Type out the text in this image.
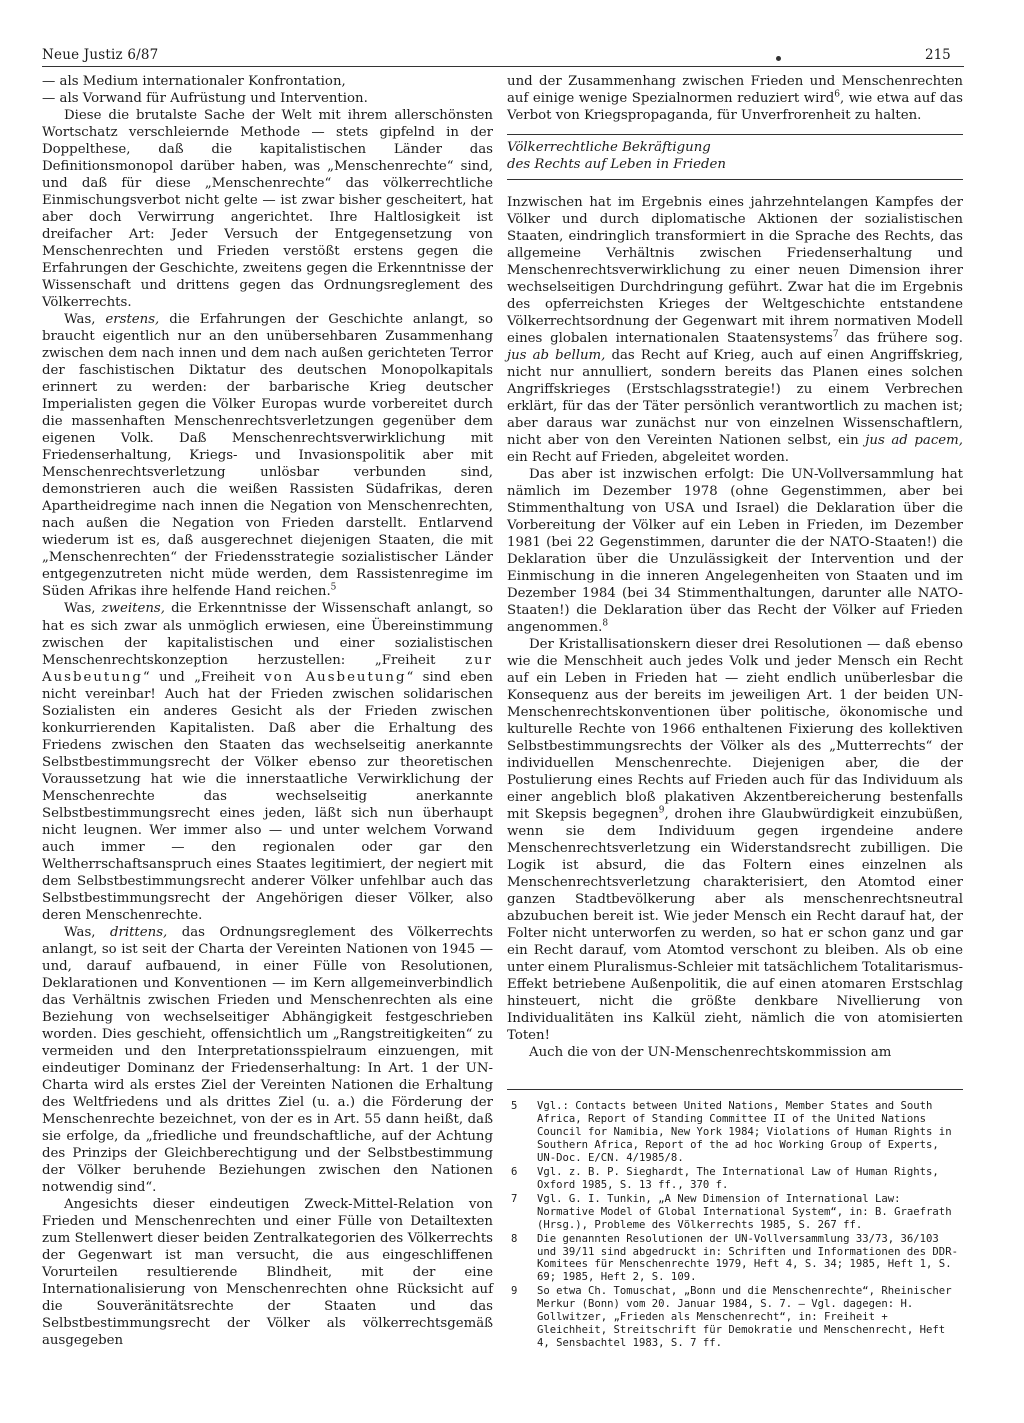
Neue Justiz 6/87	215

— als Medium internationaler Konfrontation,

— als Vorwand für Aufrüstung und Intervention.

Diese die brutalste Sache der Welt mit ihrem allerschönsten Wortschatz verschleiernde Methode — stets gipfelnd in der Doppelthese, daß die kapitalistischen Länder das Definitionsmonopol darüber haben, was „Menschenrechte“ sind, und daß für diese „Menschenrechte“ das völkerrechtliche Einmischungsverbot nicht gelte — ist zwar bisher gescheitert, hat aber doch Verwirrung angerichtet. Ihre Haltlosigkeit ist dreifacher Art: Jeder Versuch der Entgegensetzung von Menschenrechten und Frieden verstößt erstens gegen die Erfahrungen der Geschichte, zweitens gegen die Erkenntnisse der Wissenschaft und drittens gegen das Ordnungsreglement des Völkerrechts.

Was, erstens, die Erfahrungen der Geschichte anlangt, so braucht eigentlich nur an den unübersehbaren Zusammenhang zwischen dem nach innen und dem nach außen gerichteten Terror der faschistischen Diktatur des deutschen Monopolkapitals erinnert zu werden: der barbarische Krieg deutscher Imperialisten gegen die Völker Europas wurde vorbereitet durch die massenhaften Menschenrechtsverletzungen gegenüber dem eigenen Volk. Daß Menschenrechtsverwirklichung mit Friedenserhaltung, Kriegs- und Invasionspolitik aber mit Menschenrechtsverletzung unlösbar verbunden sind, demonstrieren auch die weißen Rassisten Südafrikas, deren Apartheidregime nach innen die Negation von Menschenrechten, nach außen die Negation von Frieden darstellt. Entlarvend wiederum ist es, daß ausgerechnet diejenigen Staaten, die mit „Menschenrechten“ der Friedensstrategie sozialistischer Länder entgegenzutreten nicht müde werden, dem Rassistenregime im Süden Afrikas ihre helfende Hand reichen.$^5$

Was, zweitens, die Erkenntnisse der Wissenschaft anlangt, so hat es sich zwar als unmöglich erwiesen, eine Übereinstimmung zwischen der kapitalistischen und einer sozialistischen Menschenrechtskonzeption herzustellen: „Freiheit zur Ausbeutung“ und „Freiheit von Ausbeutung“ sind eben nicht vereinbar! Auch hat der Frieden zwischen solidarischen Sozialisten ein anderes Gesicht als der Frieden zwischen konkurrierenden Kapitalisten. Daß aber die Erhaltung des Friedens zwischen den Staaten das wechselseitig anerkannte Selbstbestimmungsrecht der Völker ebenso zur theoretischen Voraussetzung hat wie die innerstaatliche Verwirklichung der Menschenrechte das wechselseitig anerkannte Selbstbestimmungsrecht eines jeden, läßt sich nun überhaupt nicht leugnen. Wer immer also — und unter welchem Vorwand auch immer — den regionalen oder gar den Weltherrschaftsanspruch eines Staates legitimiert, der negiert mit dem Selbstbestimmungsrecht anderer Völker unfehlbar auch das Selbstbestimmungsrecht der Angehörigen dieser Völker, also deren Menschenrechte.

Was, drittens, das Ordnungsreglement des Völkerrechts anlangt, so ist seit der Charta der Vereinten Nationen von 1945 — und, darauf aufbauend, in einer Fülle von Resolutionen, Deklarationen und Konventionen — im Kern allgemeinverbindlich das Verhältnis zwischen Frieden und Menschenrechten als eine Beziehung von wechselseitiger Abhängigkeit festgeschrieben worden. Dies geschieht, offensichtlich um „Rangstreitigkeiten“ zu vermeiden und den Interpretationsspielraum einzuengen, mit eindeutiger Dominanz der Friedenserhaltung: In Art. 1 der UN-Charta wird als erstes Ziel der Vereinten Nationen die Erhaltung des Weltfriedens und als drittes Ziel (u. a.) die Förderung der Menschenrechte bezeichnet, von der es in Art. 55 dann heißt, daß sie erfolge, da „friedliche und freundschaftliche, auf der Achtung des Prinzips der Gleichberechtigung und der Selbstbestimmung der Völker beruhende Beziehungen zwischen den Nationen notwendig sind“.

Angesichts dieser eindeutigen Zweck-Mittel-Relation von Frieden und Menschenrechten und einer Fülle von Detailtexten zum Stellenwert dieser beiden Zentralkategorien des Völkerrechts der Gegenwart ist man versucht, die aus eingeschliffenen Vorurteilen resultierende Blindheit, mit der eine Internationalisierung von Menschenrechten ohne Rücksicht auf die Souveränitätsrechte der Staaten und das Selbstbestimmungsrecht der Völker als völkerrechtsgemäß ausgegeben

und der Zusammenhang zwischen Frieden und Menschenrechten auf einige wenige Spezialnormen reduziert wird$^6$, wie etwa auf das Verbot von Kriegspropaganda, für Unverfrorenheit zu halten.

Völkerrechtliche Bekräftigung
des Rechts auf Leben in Frieden

Inzwischen hat im Ergebnis eines jahrzehntelangen Kampfes der Völker und durch diplomatische Aktionen der sozialistischen Staaten, eindringlich transformiert in die Sprache des Rechts, das allgemeine Verhältnis zwischen Friedenserhaltung und Menschenrechtsverwirklichung zu einer neuen Dimension ihrer wechselseitigen Durchdringung geführt. Zwar hat die im Ergebnis des opferreichsten Krieges der Weltgeschichte entstandene Völkerrechtsordnung der Gegenwart mit ihrem normativen Modell eines globalen internationalen Staatensystems$^7$ das frühere sog. jus ab bellum, das Recht auf Krieg, auch auf einen Angriffskrieg, nicht nur annulliert, sondern bereits das Planen eines solchen Angriffskrieges (Erstschlagsstrategie!) zu einem Verbrechen erklärt, für das der Täter persönlich verantwortlich zu machen ist; aber daraus war zunächst nur von einzelnen Wissenschaftlern, nicht aber von den Vereinten Nationen selbst, ein jus ad pacem, ein Recht auf Frieden, abgeleitet worden.

Das aber ist inzwischen erfolgt: Die UN-Vollversammlung hat nämlich im Dezember 1978 (ohne Gegenstimmen, aber bei Stimmenthaltung von USA und Israel) die Deklaration über die Vorbereitung der Völker auf ein Leben in Frieden, im Dezember 1981 (bei 22 Gegenstimmen, darunter die der NATO-Staaten!) die Deklaration über die Unzulässigkeit der Intervention und der Einmischung in die inneren Angelegenheiten von Staaten und im Dezember 1984 (bei 34 Stimmenthaltungen, darunter alle NATO-Staaten!) die Deklaration über das Recht der Völker auf Frieden angenommen.$^8$

Der Kristallisationskern dieser drei Resolutionen — daß ebenso wie die Menschheit auch jedes Volk und jeder Mensch ein Recht auf ein Leben in Frieden hat — zieht endlich unüberlesbar die Konsequenz aus der bereits im jeweiligen Art. 1 der beiden UN-Menschenrechtskonventionen über politische, ökonomische und kulturelle Rechte von 1966 enthaltenen Fixierung des kollektiven Selbstbestimmungsrechts der Völker als des „Mutterrechts“ der individuellen Menschenrechte. Diejenigen aber, die der Postulierung eines Rechts auf Frieden auch für das Individuum als einer angeblich bloß plakativen Akzentbereicherung bestenfalls mit Skepsis begegnen$^9$, drohen ihre Glaubwürdigkeit einzubüßen, wenn sie dem Individuum gegen irgendeine andere Menschenrechtsverletzung ein Widerstandsrecht zubilligen. Die Logik ist absurd, die das Foltern eines einzelnen als Menschenrechtsverletzung charakterisiert, den Atomtod einer ganzen Stadtbevölkerung aber als menschenrechtsneutral abzubuchen bereit ist. Wie jeder Mensch ein Recht darauf hat, der Folter nicht unterworfen zu werden, so hat er schon ganz und gar ein Recht darauf, vom Atomtod verschont zu bleiben. Als ob eine unter einem Pluralismus-Schleier mit tatsächlichem Totalitarismus-Effekt betriebene Außenpolitik, die auf einen atomaren Erstschlag hinsteuert, nicht die größte denkbare Nivellierung von Individualitäten ins Kalkül zieht, nämlich die von atomisierten Toten!

Auch die von der UN-Menschenrechtskommission am

5	Vgl.: Contacts between United Nations, Member States and South Africa, Report of Standing Committee II of the United Nations Council for Namibia, New York 1984; Violations of Human Rights in Southern Africa, Report of the ad hoc Working Group of Experts, UN-Doc. E/CN. 4/1985/8.
6	Vgl. z. B. P. Sieghardt, The International Law of Human Rights, Oxford 1985, S. 13 ff., 370 f.
7	Vgl. G. I. Tunkin, „A New Dimension of International Law: Normative Model of Global International System“, in: B. Graefrath (Hrsg.), Probleme des Völkerrechts 1985, S. 267 ff.
8	Die genannten Resolutionen der UN-Vollversammlung 33/73, 36/103 und 39/11 sind abgedruckt in: Schriften und Informationen des DDR-Komitees für Menschenrechte 1979, Heft 4, S. 34; 1985, Heft 1, S. 69; 1985, Heft 2, S. 109.
9	So etwa Ch. Tomuschat, „Bonn und die Menschenrechte“, Rheinischer Merkur (Bonn) vom 20. Januar 1984, S. 7. — Vgl. dagegen: H. Gollwitzer, „Frieden als Menschenrecht“, in: Freiheit + Gleichheit, Streitschrift für Demokratie und Menschenrecht, Heft 4, Sensbachtel 1983, S. 7 ff.
